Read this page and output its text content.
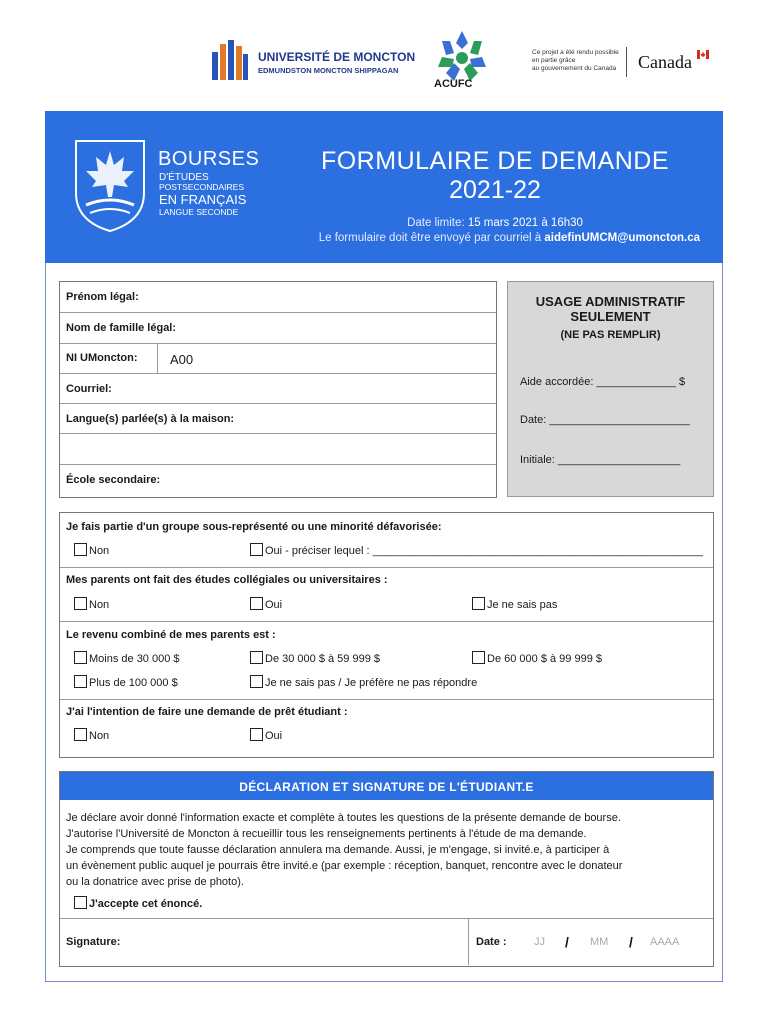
UNIVERSITÉ DE MONCTON
EDMUNDSTON MONCTON SHIPPAGAN
ACUFC
Ce projet a été rendu possible
en partie grâce
au gouvernement du Canada	Canada
BOURSES
D'ÉTUDES
POSTSECONDAIRES
EN FRANÇAIS
LANGUE SECONDE
FORMULAIRE DE DEMANDE
2021-22
Date limite: 15 mars 2021 à 16h30
Le formulaire doit être envoyé par courriel à aidefinUMCM@umoncton.ca
Prénom légal:
Nom de famille légal:
NI UMoncton:	A00
Courriel:
Langue(s) parlée(s) à la maison:
École secondaire:
USAGE ADMINISTRATIF
SEULEMENT
(NE PAS REMPLIR)
Aide accordée: _____________ $
Date: _______________________
Initiale: ____________________
Je fais partie d'un groupe sous-représenté ou une minorité défavorisée:
Non	Oui - préciser lequel : ______________________________________________________
Mes parents ont fait des études collégiales ou universitaires :
Non	Oui	Je ne sais pas
Le revenu combiné de mes parents est :
Moins de 30 000 $	De 30 000 $ à 59 999 $	De 60 000 $ à 99 999 $
Plus de 100 000 $	Je ne sais pas / Je préfère ne pas répondre
J'ai l'intention de faire une demande de prêt étudiant :
Non	Oui
DÉCLARATION ET SIGNATURE DE L'ÉTUDIANT.E
Je déclare avoir donné l'information exacte et complète à toutes les questions de la présente demande de bourse.
J'autorise l'Université de Moncton à recueillir tous les renseignements pertinents à l'étude de ma demande.
Je comprends que toute fausse déclaration annulera ma demande. Aussi, je m'engage, si invité.e, à participer à
un évènement public auquel je pourrais être invité.e (par exemple : réception, banquet, rencontre avec le donateur
ou la donatrice avec prise de photo).
J'accepte cet énoncé.
Signature:	Date : JJ / MM / AAAA
